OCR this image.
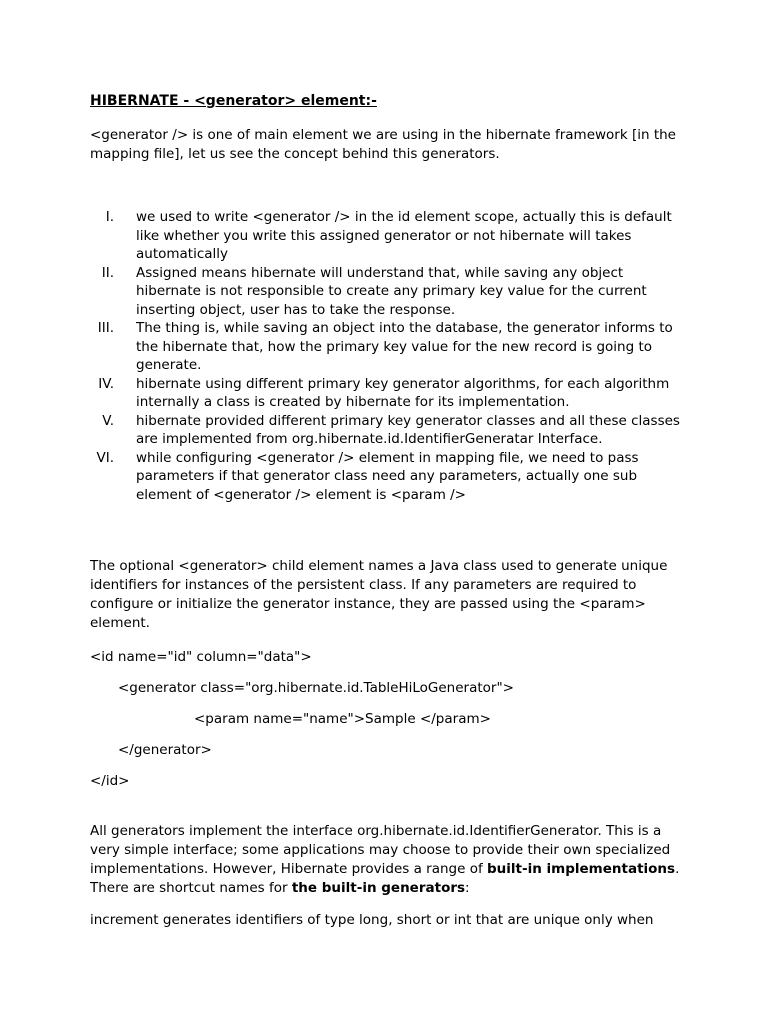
HIBERNATE - <generator> element:-

<generator /> is one of main element we are using in the hibernate framework [in the mapping file], let us see the concept behind this generators.

I. we used to write <generator /> in the id element scope, actually this is default like whether you write this assigned generator or not hibernate will takes automatically
II. Assigned means hibernate will understand that, while saving any object hibernate is not responsible to create any primary key value for the current inserting object, user has to take the response.
III. The thing is, while saving an object into the database, the generator informs to the hibernate that, how the primary key value for the new record is going to generate.
IV. hibernate using different primary key generator algorithms, for each algorithm internally a class is created by hibernate for its implementation.
V. hibernate provided different primary key generator classes and all these classes are implemented from org.hibernate.id.IdentifierGeneratar Interface.
VI. while configuring <generator /> element in mapping file, we need to pass parameters if that generator class need any parameters, actually one sub element of <generator /> element is <param />

The optional <generator> child element names a Java class used to generate unique identifiers for instances of the persistent class. If any parameters are required to configure or initialize the generator instance, they are passed using the <param> element.

<id name="id" column="data">

<generator class="org.hibernate.id.TableHiLoGenerator">

<param name="name">Sample </param>

</generator>

</id>

All generators implement the interface org.hibernate.id.IdentifierGenerator. This is a very simple interface; some applications may choose to provide their own specialized implementations. However, Hibernate provides a range of built-in implementations. There are shortcut names for the built-in generators:

increment generates identifiers of type long, short or int that are unique only when
